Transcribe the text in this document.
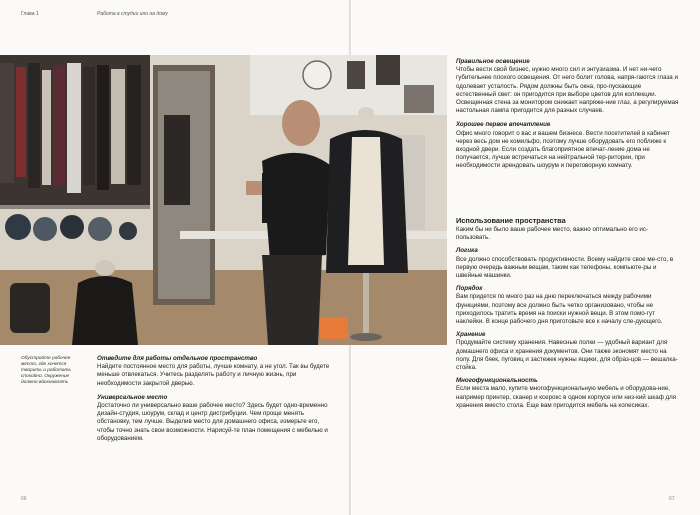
Глава 1	Работа в студии или на дому
Обустройте рабочее место, где хочется творить и работать спокойно. Окружение должно вдохновлять
Отведите для работы отдельное пространство

Найдите постоянное место для работы, лучше комнату, а не угол. Так вы будете меньше отвлекаться. Учитесь разделять работу и личную жизнь, при необходимости закрытой дверью.

Универсальное место

Достаточно ли универсально ваше рабочее место? Здесь будет одно-временно дизайн-студия, шоурум, склад и центр дистрибуции. Чем проще менять обстановку, тем лучше. Выделив место для домашнего офиса, измерьте его, чтобы точно знать свои возможности. Нарисуй-те план помещения с мебелью и оборудованием.

Правильное освещение

Чтобы вести свой бизнес, нужно много сил и энтузиазма. И нет ни-чего губительнее плохого освещения. От него болит голова, напря-гаются глаза и одолевает усталость. Рядом должны быть окна, про-пускающие естественный свет: он пригодится при выборе цветов для коллекции. Освещенная стена за монитором снижает напряже-ние глаз, а регулируемая настольная лампа пригодится для разных случаев.

Хорошее первое впечатление

Офис много говорит о вас и вашем бизнесе. Вести посетителей в кабинет через весь дом не комильфо, поэтому лучше оборудовать его поближе к входной двери. Если создать благоприятное впечат-ление дома не получается, лучше встречаться на нейтральной тер-ритории, при необходимости арендовать шоурум и переговорную комнату.

Использование пространства

Каким бы ни было ваше рабочее место, важно оптимально его ис-пользовать.

Логика

Все должно способствовать продуктивности. Всему найдите свое ме-сто, в первую очередь важным вещам, таким как телефоны, компьюте-ры и швейные машинки.

Порядок

Вам придется по много раз на дню переключаться между рабочими функциями, поэтому все должно быть четко организовано, чтобы не приходилось тратить время на поиски нужной вещи. В этом помо-гут наклейки. В конце рабочего дня приготовьте все к началу сле-дующего.

Хранение

Продумайте систему хранения. Навесные полки — удобный вариант для домашнего офиса и хранения документов. Они также экономят место на полу. Для бяек, пуговиц и застежек нужны ящики, для образ-цов — вешалка-стойка.

Многофункциональность

Если места мало, купите многофункциональную мебель и оборудова-ние, например принтер, сканер и ксерокс в одном корпусе или низ-кий шкаф для хранения вместо стола. Еще вам пригодится мебель на колесиках.

66	67
